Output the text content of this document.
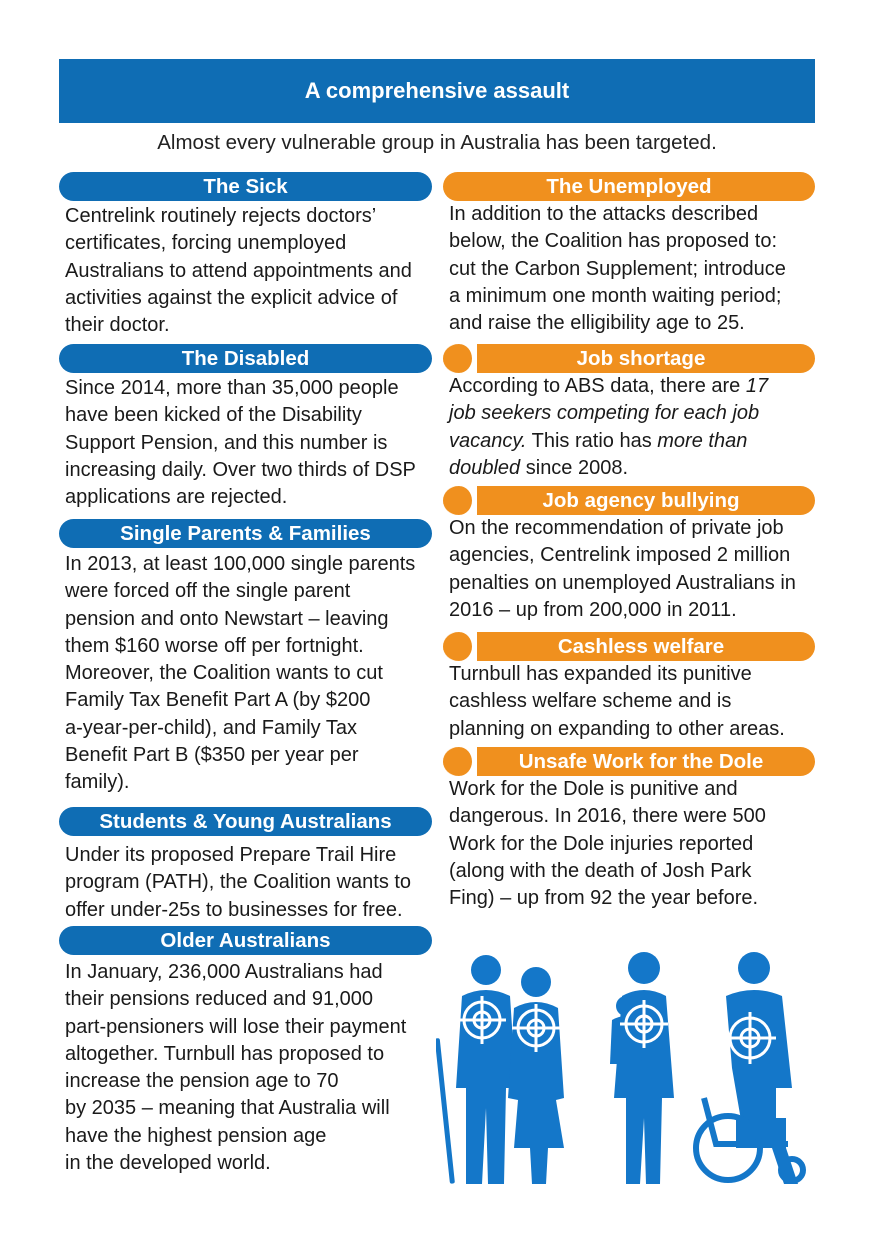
A comprehensive assault
Almost every vulnerable group in Australia has been targeted.
The Sick
Centrelink routinely rejects doctors’
certificates, forcing unemployed
Australians to attend appointments and
activities against the explicit advice of
their doctor.
The Disabled
Since 2014, more than 35,000 people
have been kicked of the Disability
Support Pension, and this number is
increasing daily. Over two thirds of DSP
applications are rejected.
Single Parents & Families
In 2013, at least 100,000 single parents
were forced off the single parent
pension and onto Newstart – leaving
them $160 worse off per fortnight.
Moreover, the Coalition wants to cut
Family Tax Benefit Part A (by $200
a-year-per-child), and Family Tax
Benefit Part B ($350 per year per
family).
Students & Young Australians
Under its proposed Prepare Trail Hire
program (PATH), the Coalition wants to
offer under-25s to businesses for free.
Older Australians
In January, 236,000 Australians had
their pensions reduced and 91,000
part-pensioners will lose their payment
altogether. Turnbull has proposed to
increase the pension age to 70
by 2035 – meaning that Australia will
have the highest pension age
in the developed world.
The Unemployed
In addition to the attacks described
below, the Coalition has proposed to:
cut the Carbon Supplement; introduce
a minimum one month waiting period;
and raise the elligibility age to 25.
Job shortage
According to ABS data, there are 17
job seekers competing for each job
vacancy. This ratio has more than
doubled since 2008.
Job agency bullying
On the recommendation of private job
agencies, Centrelink imposed 2 million
penalties on unemployed Australians in
2016 – up from 200,000 in 2011.
Cashless welfare
Turnbull has expanded its punitive
cashless welfare scheme and is
planning on expanding to other areas.
Unsafe Work for the Dole
Work for the Dole is punitive and
dangerous. In 2016, there were 500
Work for the Dole injuries reported
(along with the death of Josh Park
Fing) – up from 92 the year before.
